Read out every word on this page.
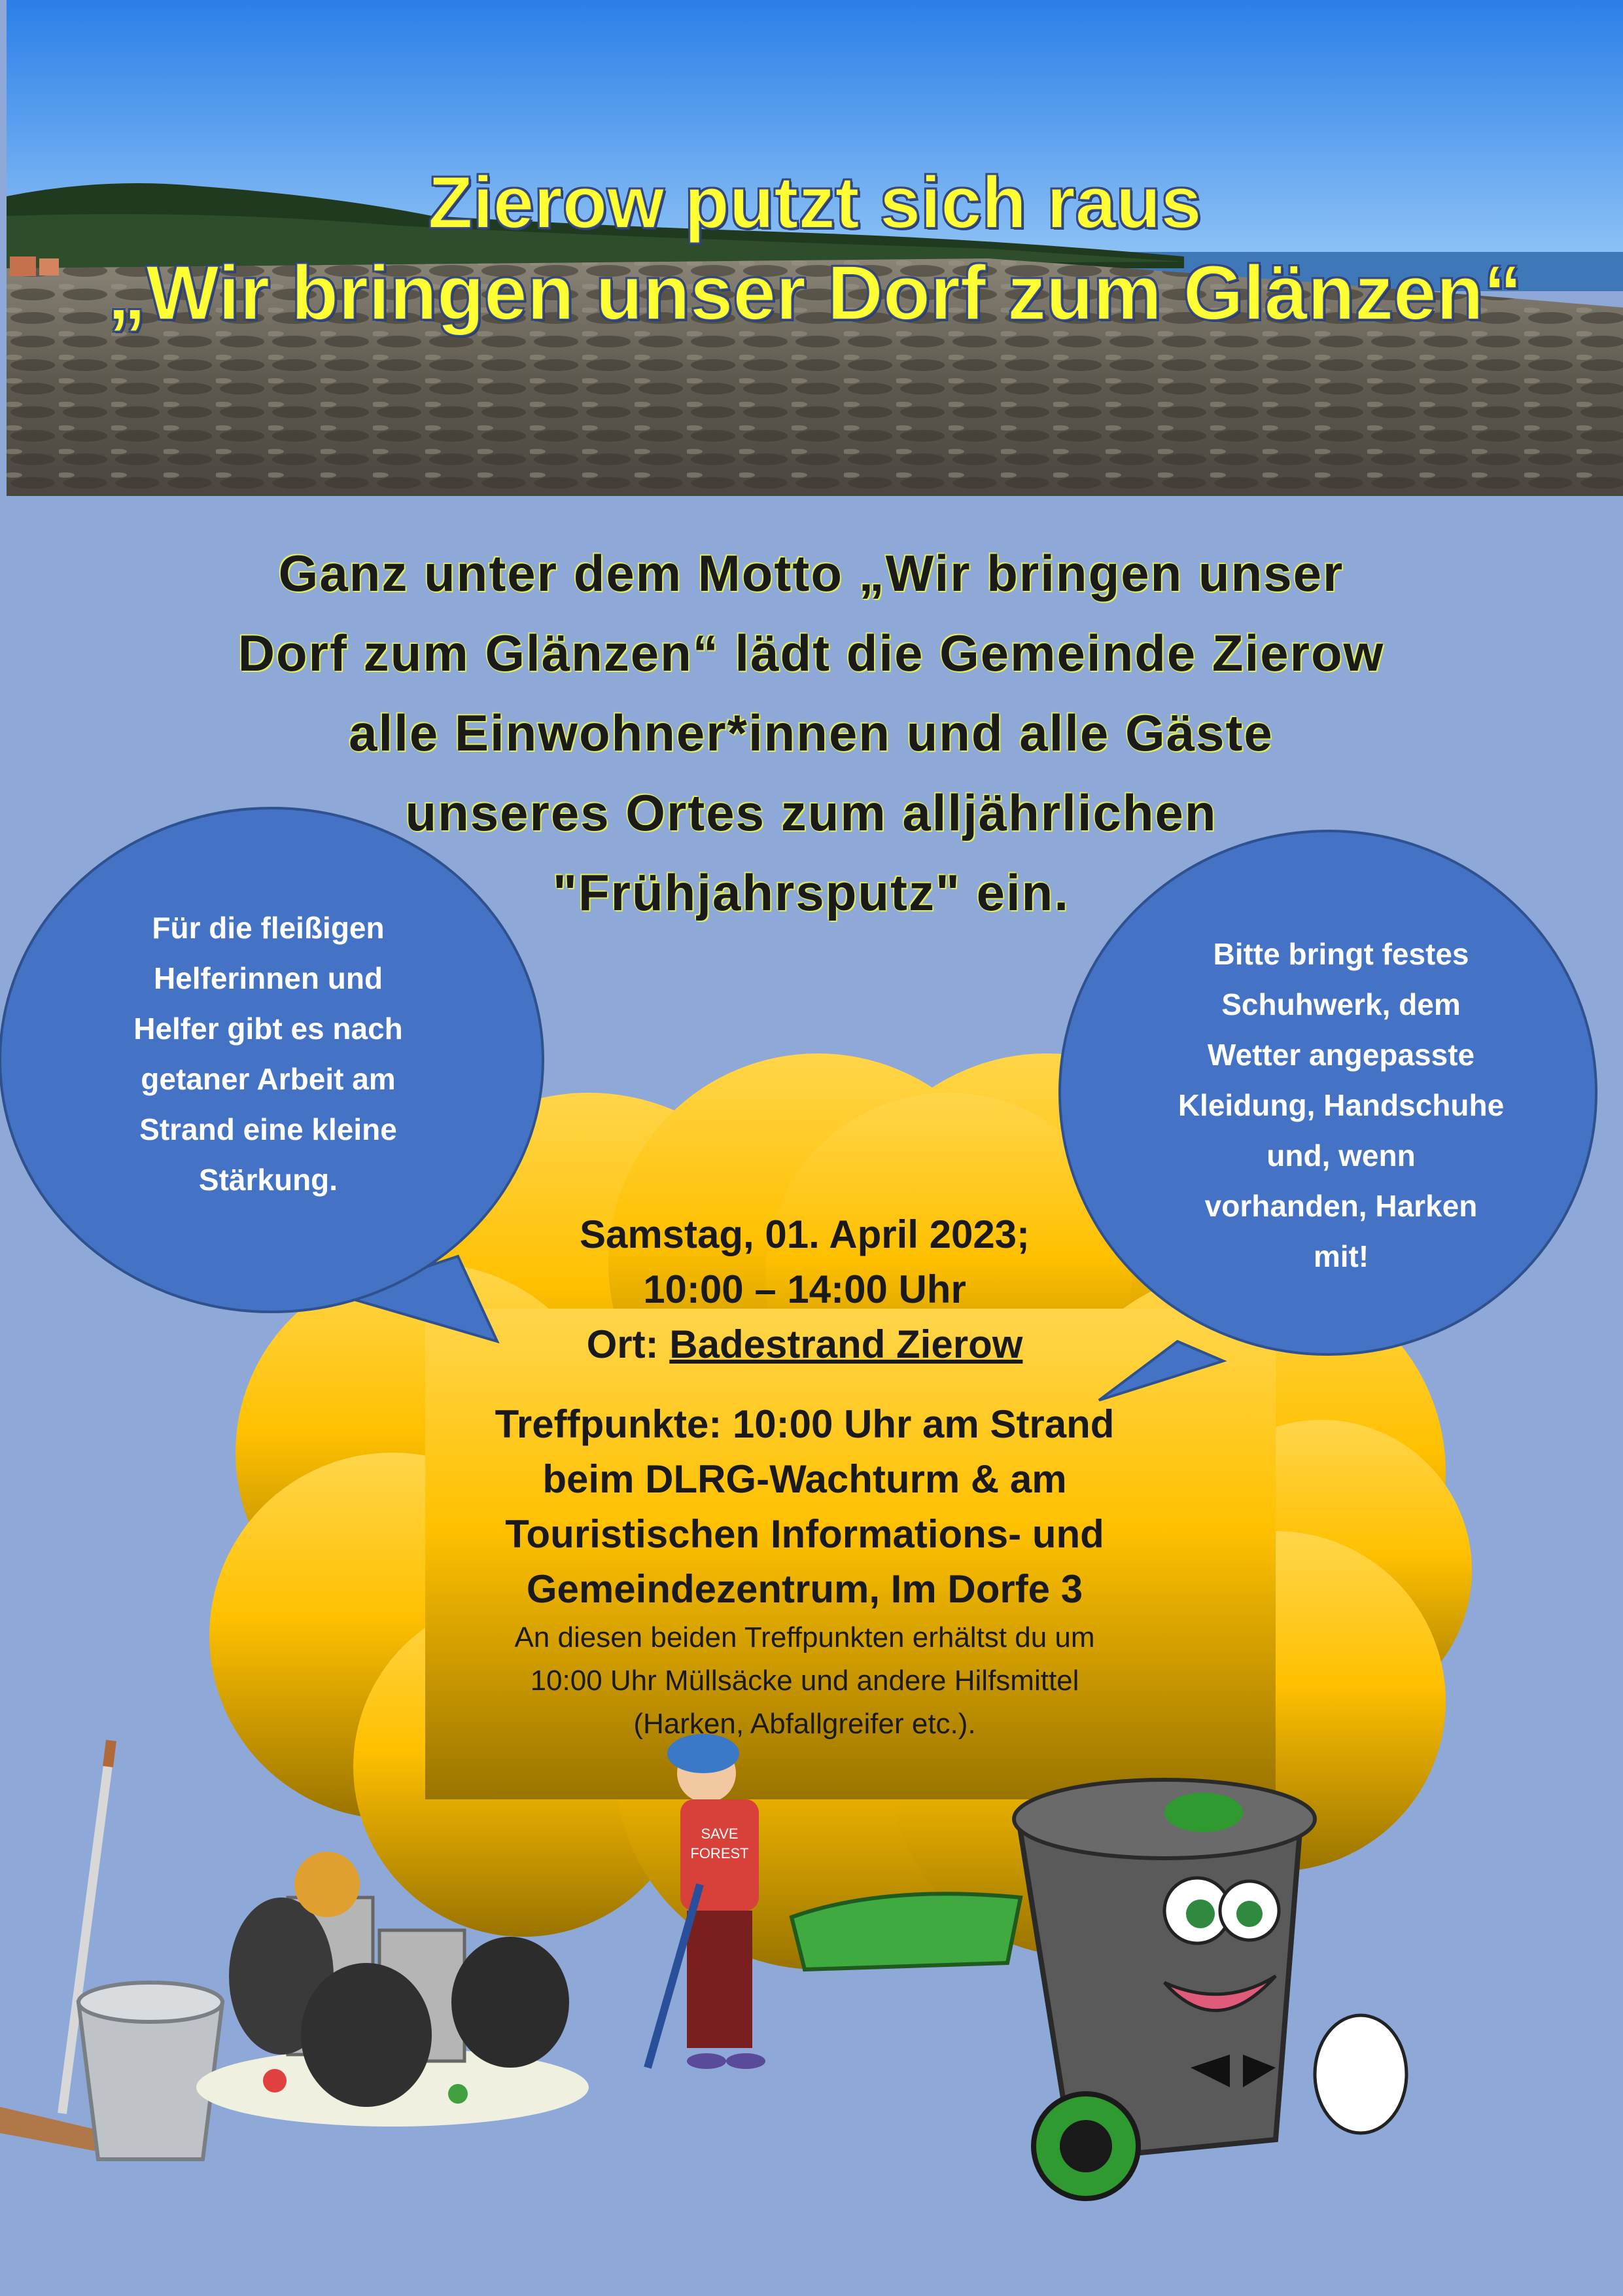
Zierow putzt sich raus
„Wir bringen unser Dorf zum Glänzen“
SAVE
FOREST
Ganz unter dem Motto „Wir bringen unser
Dorf zum Glänzen“ lädt die Gemeinde Zierow
alle Einwohner*innen und alle Gäste
unseres Ortes zum alljährlichen
"Frühjahrsputz" ein.
Für die fleißigen
Helferinnen und
Helfer gibt es nach
getaner Arbeit am
Strand eine kleine
Stärkung.
Bitte bringt festes
Schuhwerk, dem
Wetter angepasste
Kleidung, Handschuhe
und, wenn
vorhanden, Harken
mit!
Samstag, 01. April 2023;
10:00 – 14:00 Uhr
Ort: Badestrand Zierow
Treffpunkte: 10:00 Uhr am Strand
beim DLRG-Wachturm & am
Touristischen Informations- und
Gemeindezentrum, Im Dorfe 3
An diesen beiden Treffpunkten erhältst du um
10:00 Uhr Müllsäcke und andere Hilfsmittel
(Harken, Abfallgreifer etc.).
